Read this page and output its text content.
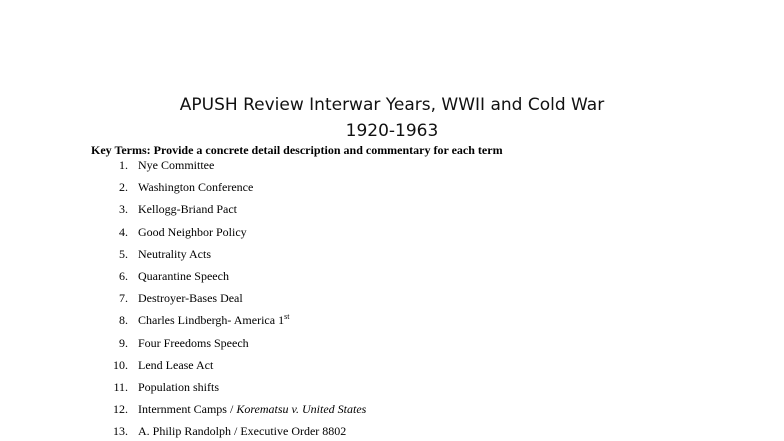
APUSH Review Interwar Years, WWII and Cold War
1920-1963
Key Terms: Provide a concrete detail description and commentary for each term
1. Nye Committee
2. Washington Conference
3. Kellogg-Briand Pact
4. Good Neighbor Policy
5. Neutrality Acts
6. Quarantine Speech
7. Destroyer-Bases Deal
8. Charles Lindbergh- America 1st
9. Four Freedoms Speech
10. Lend Lease Act
11. Population shifts
12. Internment Camps / Korematsu v. United States
13. A. Philip Randolph / Executive Order 8802
